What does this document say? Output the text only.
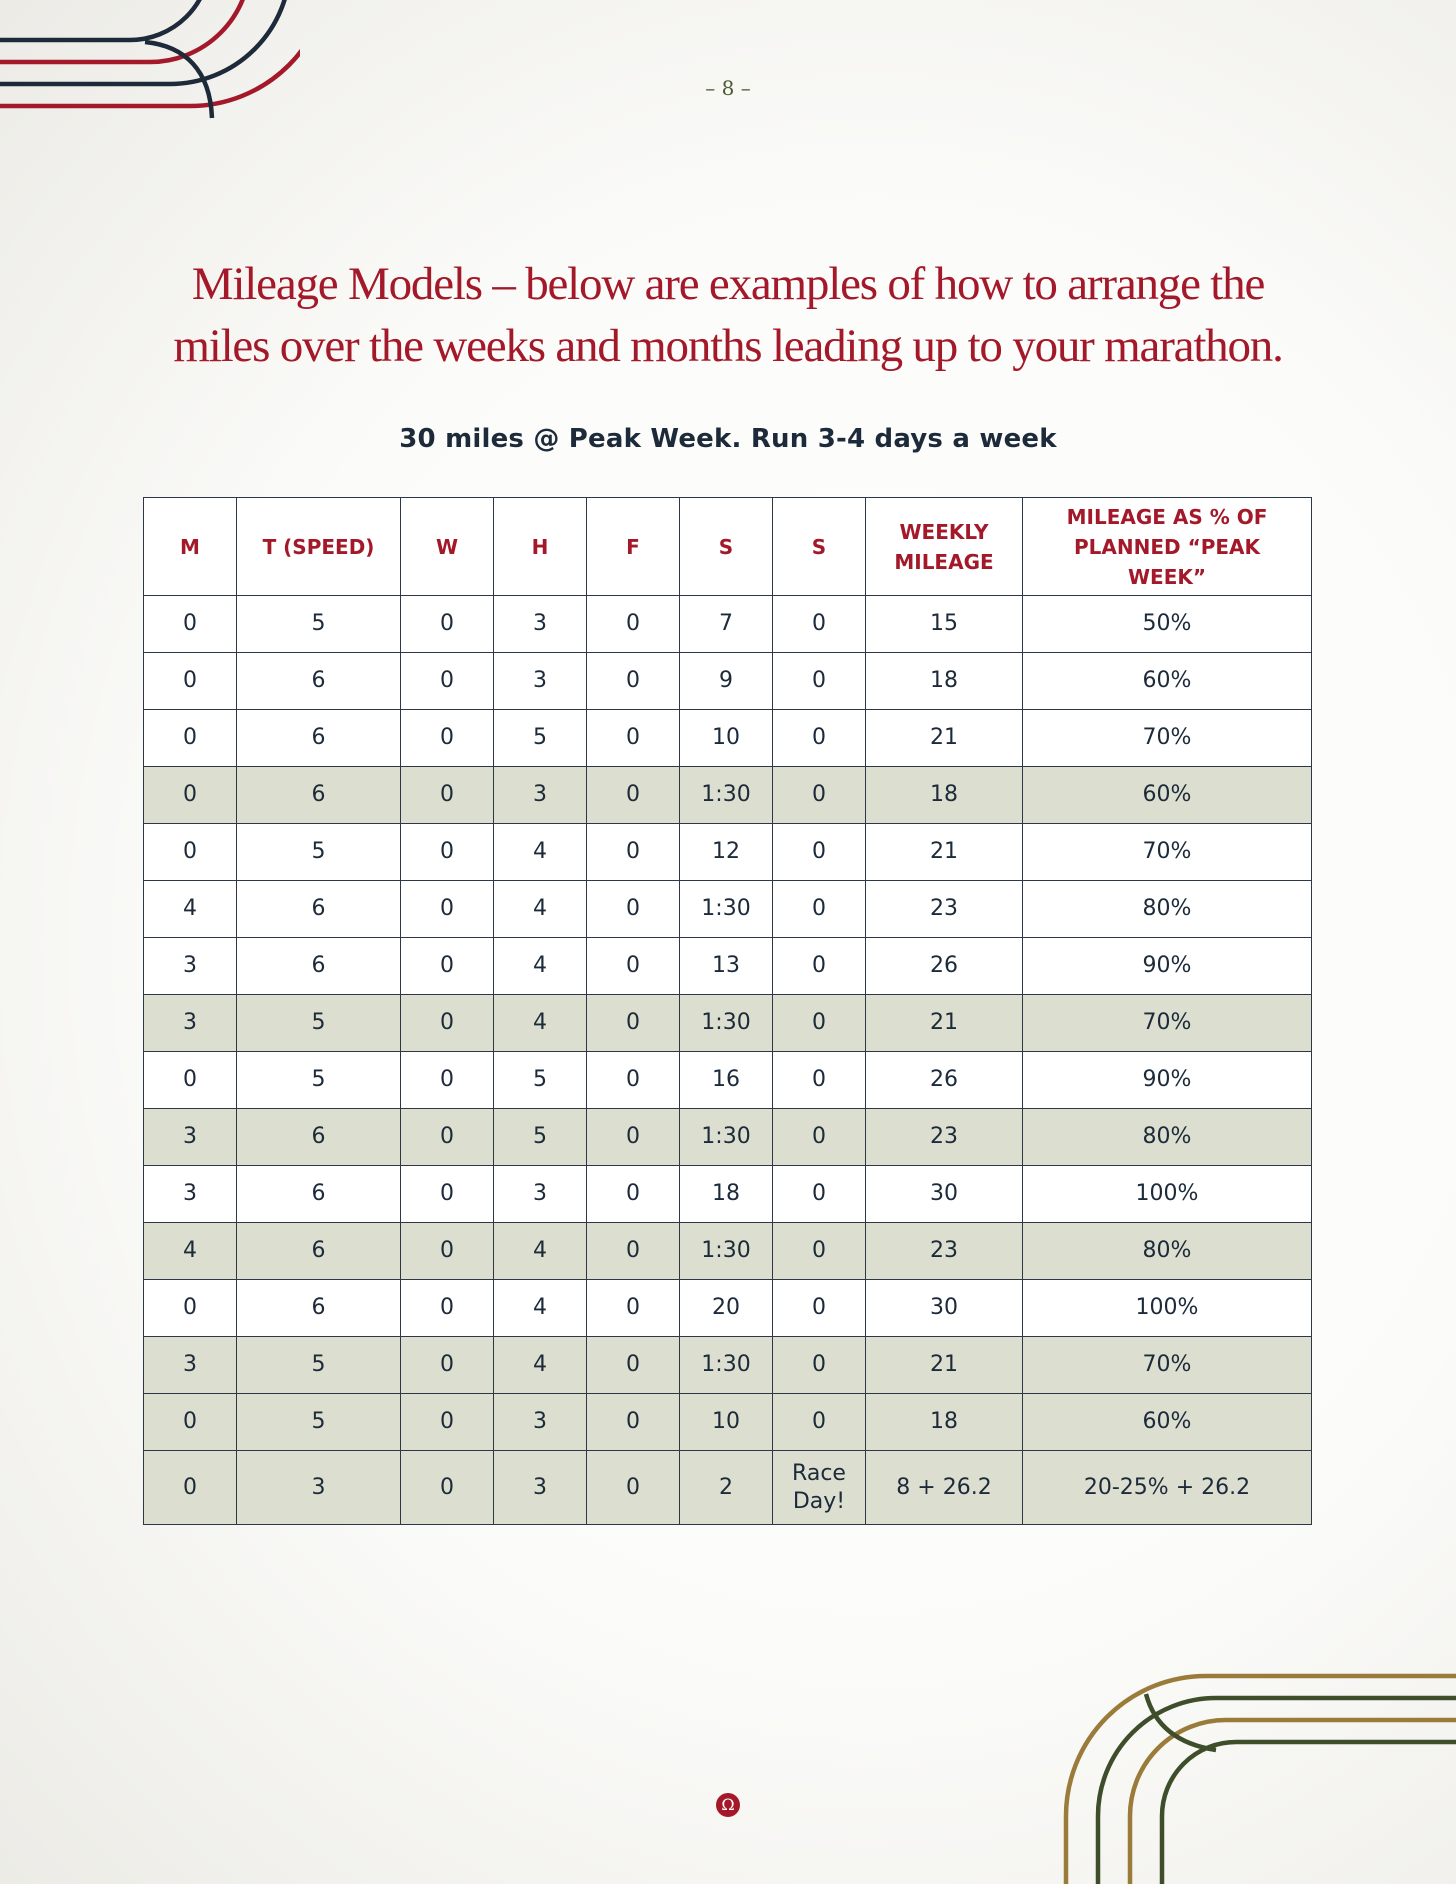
– 8 –
Mileage Models – below are examples of how to arrange the
miles over the weeks and months leading up to your marathon.
30 miles @ Peak Week. Run 3-4 days a week
M	T (SPEED)	W	H	F	S	S	WEEKLY MILEAGE	MILEAGE AS % OF PLANNED “PEAK WEEK”
0	5	0	3	0	7	0	15	50%
0	6	0	3	0	9	0	18	60%
0	6	0	5	0	10	0	21	70%
0	6	0	3	0	1:30	0	18	60%
0	5	0	4	0	12	0	21	70%
4	6	0	4	0	1:30	0	23	80%
3	6	0	4	0	13	0	26	90%
3	5	0	4	0	1:30	0	21	70%
0	5	0	5	0	16	0	26	90%
3	6	0	5	0	1:30	0	23	80%
3	6	0	3	0	18	0	30	100%
4	6	0	4	0	1:30	0	23	80%
0	6	0	4	0	20	0	30	100%
3	5	0	4	0	1:30	0	21	70%
0	5	0	3	0	10	0	18	60%
0	3	0	3	0	2	Race Day!	8 + 26.2	20-25% + 26.2
Ω
